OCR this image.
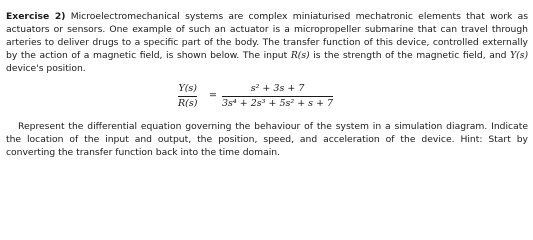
Exercise 2) Microelectromechanical systems are complex miniaturised mechatronic elements that work as actuators or sensors. One example of such an actuator is a micropropeller submarine that can travel through arteries to deliver drugs to a specific part of the body. The transfer function of this device, controlled externally by the action of a magnetic field, is shown below. The input R(s) is the strength of the magnetic field, and Y(s) device's position.

Y(s)
R(s)
=
s² + 3s + 7
3s⁴ + 2s³ + 5s² + s + 7

Represent the differential equation governing the behaviour of the system in a simulation diagram. Indicate the location of the input and output, the position, speed, and acceleration of the device. Hint: Start by converting the transfer function back into the time domain.
